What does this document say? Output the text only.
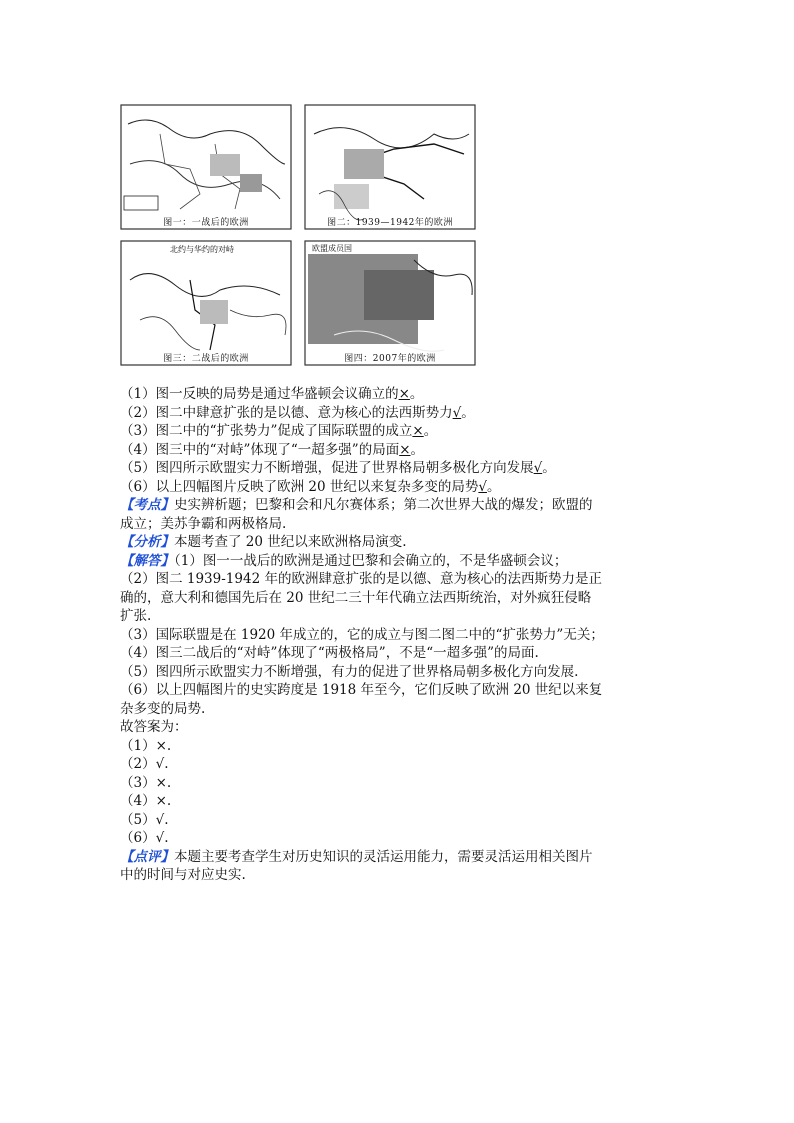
图一：一战后的欧洲	图二：1939—1942年的欧洲
北约与华约的对峙
图三：二战后的欧洲
欧盟成员国
图四：2007年的欧洲
（1）图一反映的局势是通过华盛顿会议确立的×。
（2）图二中肆意扩张的是以德、意为核心的法西斯势力√。
（3）图二中的“扩张势力”促成了国际联盟的成立×。
（4）图三中的“对峙”体现了“一超多强”的局面×。
（5）图四所示欧盟实力不断增强，促进了世界格局朝多极化方向发展√。
（6）以上四幅图片反映了欧洲 20 世纪以来复杂多变的局势√。
【考点】史实辨析题；巴黎和会和凡尔赛体系；第二次世界大战的爆发；欧盟的
成立；美苏争霸和两极格局.
【分析】本题考查了 20 世纪以来欧洲格局演变.
【解答】（1）图一一战后的欧洲是通过巴黎和会确立的，不是华盛顿会议；
（2）图二 1939-1942 年的欧洲肆意扩张的是以德、意为核心的法西斯势力是正
确的，意大利和德国先后在 20 世纪二三十年代确立法西斯统治，对外疯狂侵略
扩张.
（3）国际联盟是在 1920 年成立的，它的成立与图二图二中的“扩张势力”无关；
（4）图三二战后的“对峙”体现了“两极格局”，不是“一超多强”的局面.
（5）图四所示欧盟实力不断增强，有力的促进了世界格局朝多极化方向发展.
（6）以上四幅图片的史实跨度是 1918 年至今，它们反映了欧洲 20 世纪以来复
杂多变的局势.
故答案为：
（1）×.
（2）√.
（3）×.
（4）×.
（5）√.
（6）√.
【点评】本题主要考查学生对历史知识的灵活运用能力，需要灵活运用相关图片
中的时间与对应史实.
